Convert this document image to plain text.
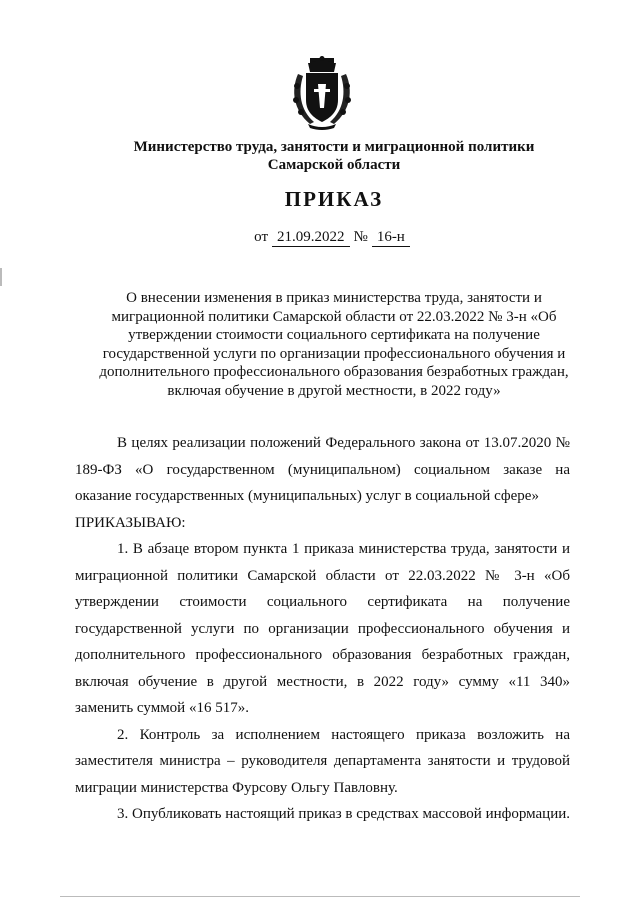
Министерство труда, занятости и миграционной политики
Самарской области
ПРИКАЗ
от 21.09.2022 № 16-н
О внесении изменения в приказ министерства труда, занятости и миграционной политики Самарской области от 22.03.2022 № 3-н «Об утверждении стоимости социального сертификата на получение государственной услуги по организации профессионального обучения и дополнительного профессионального образования безработных граждан, включая обучение в другой местности, в 2022 году»

В целях реализации положений Федерального закона от 13.07.2020 № 189-ФЗ «О государственном (муниципальном) социальном заказе на оказание государственных (муниципальных) услуг в социальной сфере»

ПРИКАЗЫВАЮ:

1. В абзаце втором пункта 1 приказа министерства труда, занятости и миграционной политики Самарской области от 22.03.2022 № 3-н «Об утверждении стоимости социального сертификата на получение государственной услуги по организации профессионального обучения и дополнительного профессионального образования безработных граждан, включая обучение в другой местности, в 2022 году» сумму «11 340» заменить суммой «16 517».

2. Контроль за исполнением настоящего приказа возложить на заместителя министра – руководителя департамента занятости и трудовой миграции министерства Фурсову Ольгу Павловну.

3. Опубликовать настоящий приказ в средствах массовой информации.
